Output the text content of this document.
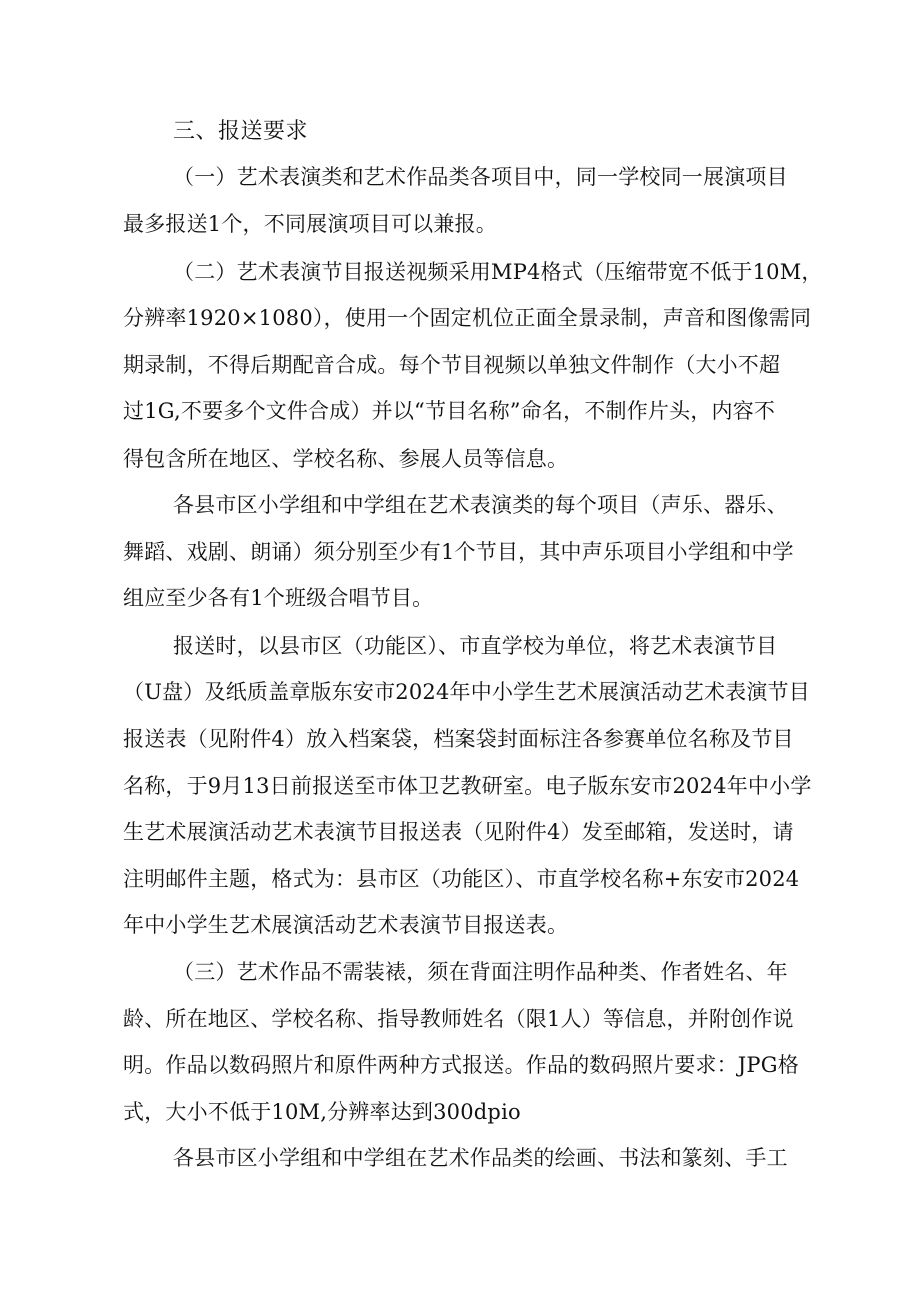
三、报送要求
（一）艺术表演类和艺术作品类各项目中，同一学校同一展演项目
最多报送1个，不同展演项目可以兼报。
（二）艺术表演节目报送视频采用MP4格式（压缩带宽不低于10M，
分辨率1920×1080），使用一个固定机位正面全景录制，声音和图像需同
期录制，不得后期配音合成。每个节目视频以单独文件制作（大小不超
过1G,不要多个文件合成）并以“节目名称”命名，不制作片头，内容不
得包含所在地区、学校名称、参展人员等信息。
各县市区小学组和中学组在艺术表演类的每个项目（声乐、器乐、
舞蹈、戏剧、朗诵）须分别至少有1个节目，其中声乐项目小学组和中学
组应至少各有1个班级合唱节目。
报送时，以县市区（功能区）、市直学校为单位，将艺术表演节目
（U盘）及纸质盖章版东安市2024年中小学生艺术展演活动艺术表演节目
报送表（见附件4）放入档案袋，档案袋封面标注各参赛单位名称及节目
名称，于9月13日前报送至市体卫艺教研室。电子版东安市2024年中小学
生艺术展演活动艺术表演节目报送表（见附件4）发至邮箱，发送时，请
注明邮件主题，格式为：县市区（功能区）、市直学校名称+东安市2024
年中小学生艺术展演活动艺术表演节目报送表。
（三）艺术作品不需装裱，须在背面注明作品种类、作者姓名、年
龄、所在地区、学校名称、指导教师姓名（限1人）等信息，并附创作说
明。作品以数码照片和原件两种方式报送。作品的数码照片要求：JPG格
式，大小不低于10M,分辨率达到300dpio
各县市区小学组和中学组在艺术作品类的绘画、书法和篆刻、手工
